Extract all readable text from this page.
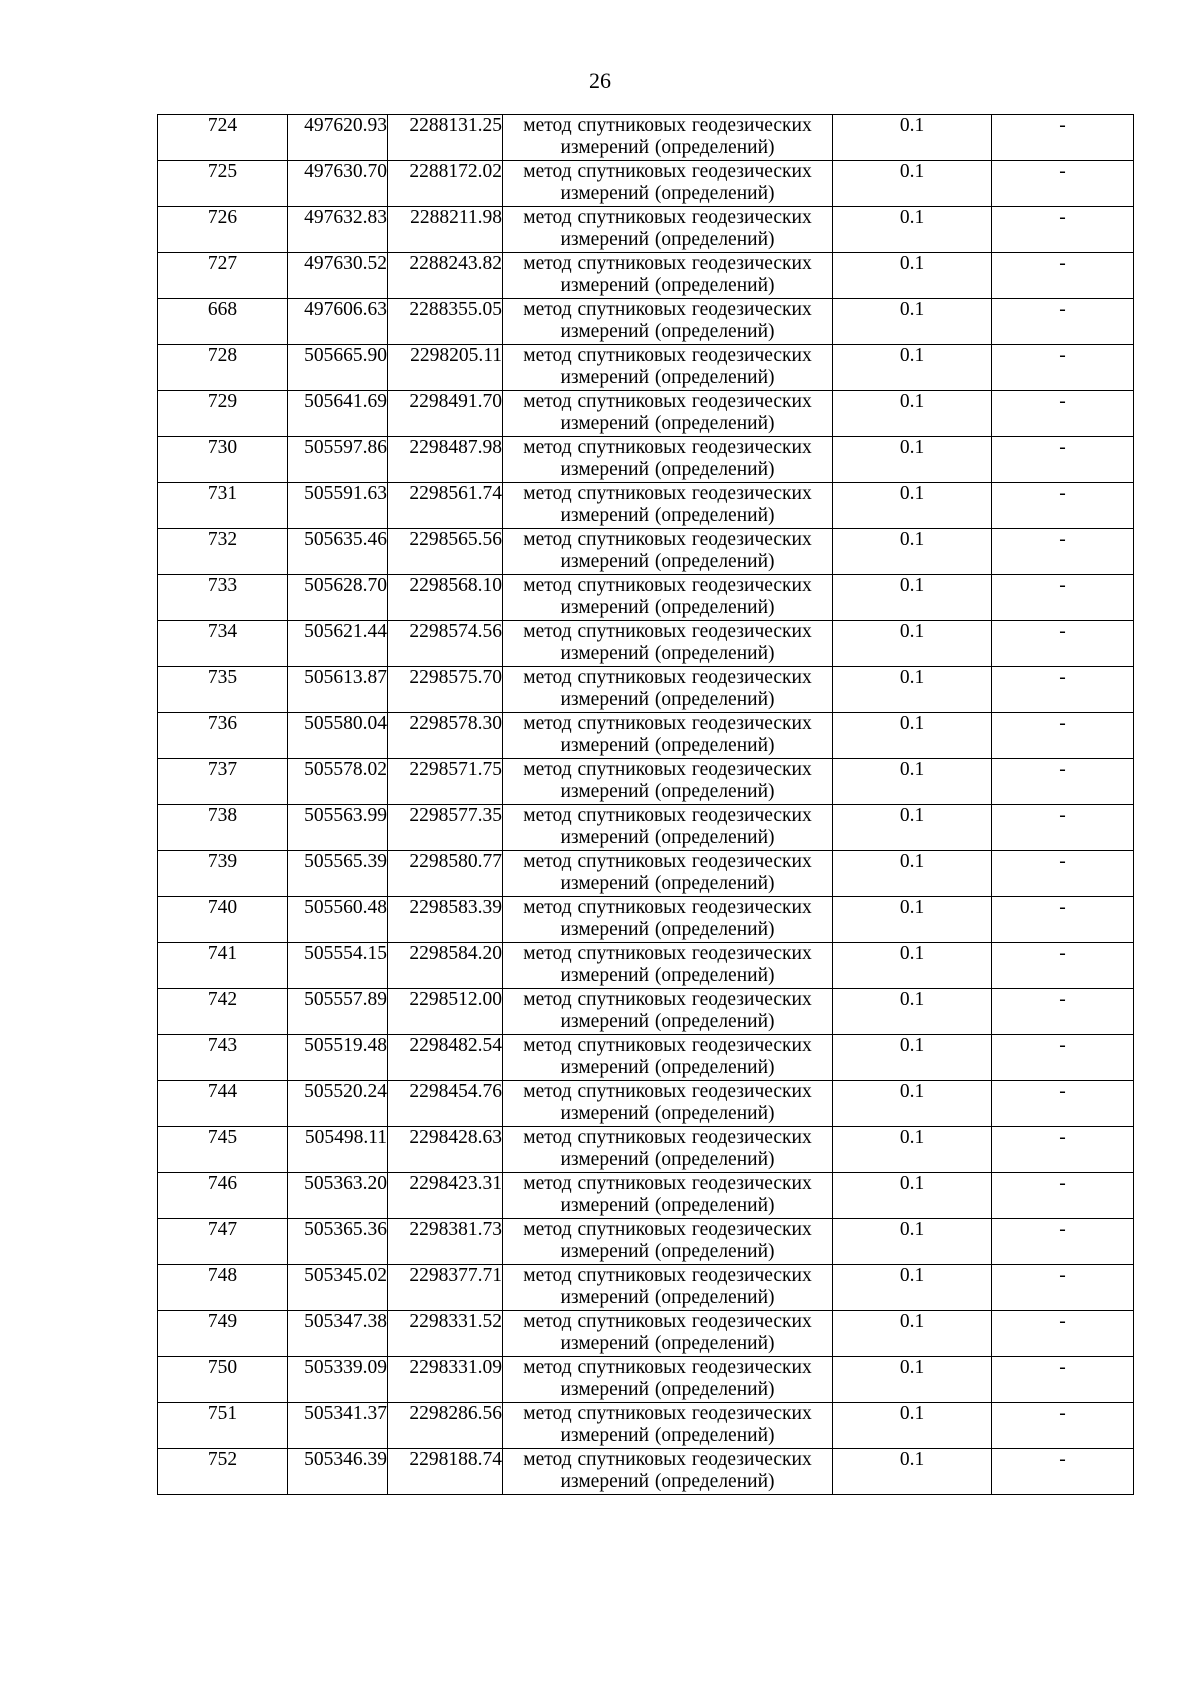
26
724	497620.93	2288131.25	метод спутниковых геодезических измерений (определений)	0.1	-
725	497630.70	2288172.02	метод спутниковых геодезических измерений (определений)	0.1	-
726	497632.83	2288211.98	метод спутниковых геодезических измерений (определений)	0.1	-
727	497630.52	2288243.82	метод спутниковых геодезических измерений (определений)	0.1	-
668	497606.63	2288355.05	метод спутниковых геодезических измерений (определений)	0.1	-
728	505665.90	2298205.11	метод спутниковых геодезических измерений (определений)	0.1	-
729	505641.69	2298491.70	метод спутниковых геодезических измерений (определений)	0.1	-
730	505597.86	2298487.98	метод спутниковых геодезических измерений (определений)	0.1	-
731	505591.63	2298561.74	метод спутниковых геодезических измерений (определений)	0.1	-
732	505635.46	2298565.56	метод спутниковых геодезических измерений (определений)	0.1	-
733	505628.70	2298568.10	метод спутниковых геодезических измерений (определений)	0.1	-
734	505621.44	2298574.56	метод спутниковых геодезических измерений (определений)	0.1	-
735	505613.87	2298575.70	метод спутниковых геодезических измерений (определений)	0.1	-
736	505580.04	2298578.30	метод спутниковых геодезических измерений (определений)	0.1	-
737	505578.02	2298571.75	метод спутниковых геодезических измерений (определений)	0.1	-
738	505563.99	2298577.35	метод спутниковых геодезических измерений (определений)	0.1	-
739	505565.39	2298580.77	метод спутниковых геодезических измерений (определений)	0.1	-
740	505560.48	2298583.39	метод спутниковых геодезических измерений (определений)	0.1	-
741	505554.15	2298584.20	метод спутниковых геодезических измерений (определений)	0.1	-
742	505557.89	2298512.00	метод спутниковых геодезических измерений (определений)	0.1	-
743	505519.48	2298482.54	метод спутниковых геодезических измерений (определений)	0.1	-
744	505520.24	2298454.76	метод спутниковых геодезических измерений (определений)	0.1	-
745	505498.11	2298428.63	метод спутниковых геодезических измерений (определений)	0.1	-
746	505363.20	2298423.31	метод спутниковых геодезических измерений (определений)	0.1	-
747	505365.36	2298381.73	метод спутниковых геодезических измерений (определений)	0.1	-
748	505345.02	2298377.71	метод спутниковых геодезических измерений (определений)	0.1	-
749	505347.38	2298331.52	метод спутниковых геодезических измерений (определений)	0.1	-
750	505339.09	2298331.09	метод спутниковых геодезических измерений (определений)	0.1	-
751	505341.37	2298286.56	метод спутниковых геодезических измерений (определений)	0.1	-
752	505346.39	2298188.74	метод спутниковых геодезических измерений (определений)	0.1	-
